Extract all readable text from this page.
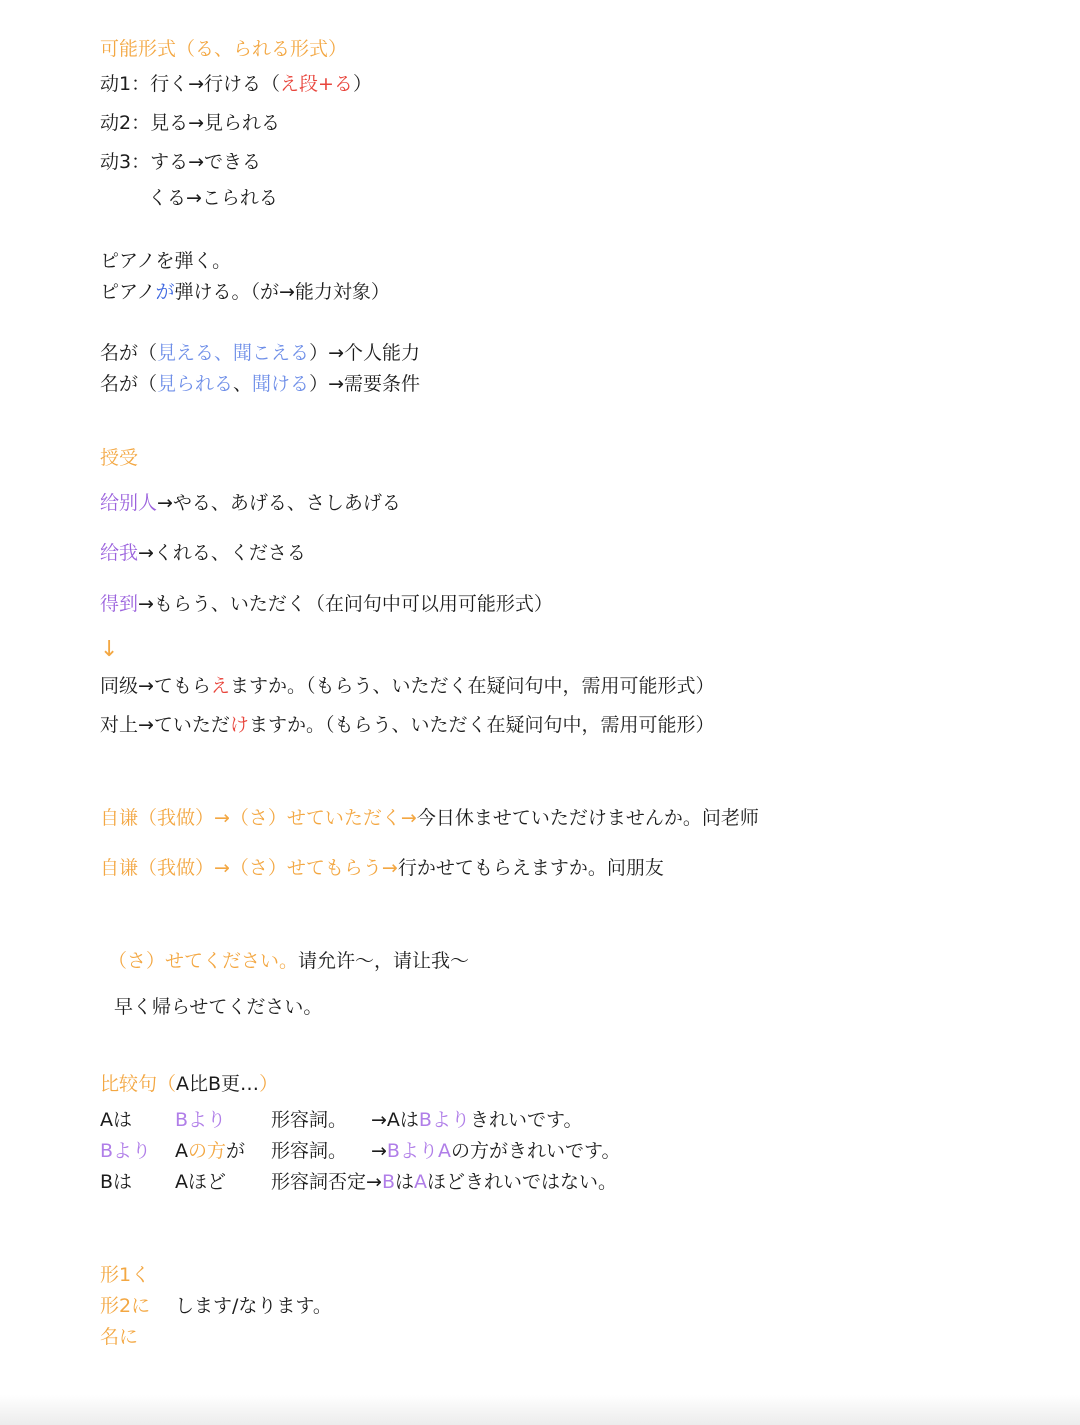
可能形式（る、られる形式）
动1：行く→行ける（え段+る）
动2：見る→見られる
动3：する→できる
くる→こられる
ピアノを弾く。
ピアノが弾ける。（が→能力対象）
名が（見える、聞こえる）→个人能力
名が（見られる、聞ける）→需要条件
授受
给别人→やる、あげる、さしあげる
给我→くれる、くださる
得到→もらう、いただく（在问句中可以用可能形式）
↓
同级→てもらえますか。（もらう、いただく在疑问句中，需用可能形式）
对上→ていただけますか。（もらう、いただく在疑问句中，需用可能形）
自谦（我做）→（さ）せていただく→今日休ませていただけませんか。问老师
自谦（我做）→（さ）せてもらう→行かせてもらえますか。问朋友
（さ）せてください。请允许～，请让我～
早く帰らせてください。
比较句（A比B更…）
Aは Bより 形容詞。 →AはBよりきれいです。
Bより Aの方が 形容詞。 →BよりAの方がきれいです。
Bは Aほど 形容詞否定→BはAほどきれいではない。
形1く
形2に します/なります。
名に
